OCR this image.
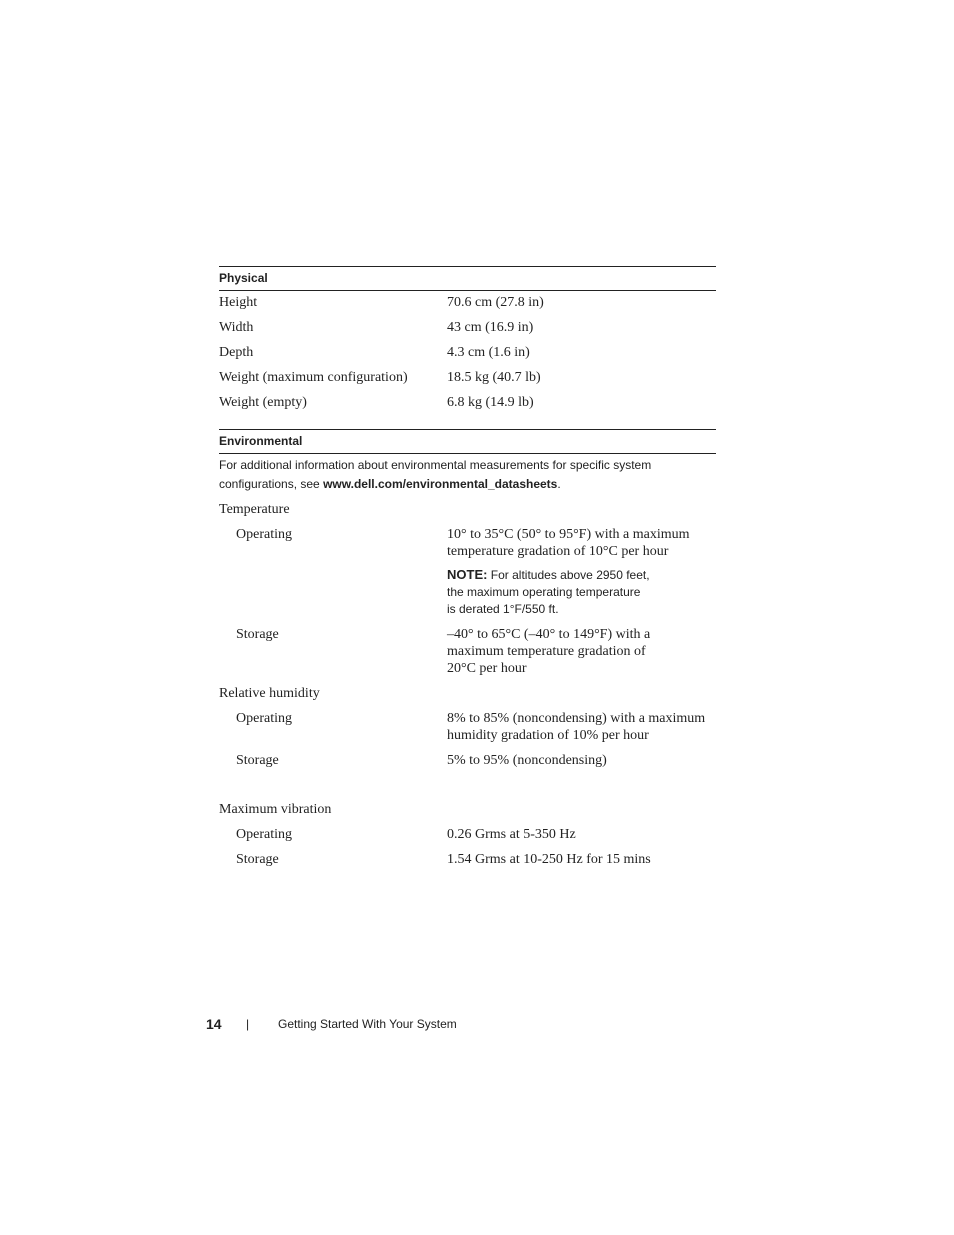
Physical
Height	70.6 cm (27.8 in)
Width	43 cm (16.9 in)
Depth	4.3 cm (1.6 in)
Weight (maximum configuration)	18.5 kg (40.7 lb)
Weight (empty)	6.8 kg (14.9 lb)
Environmental
For additional information about environmental measurements for specific system configurations, see www.dell.com/environmental_datasheets.
Temperature
Operating	10° to 35°C (50° to 95°F) with a maximum
temperature gradation of 10°C per hour
NOTE: For altitudes above 2950 feet,
the maximum operating temperature
is derated 1°F/550 ft.
Storage	–40° to 65°C (–40° to 149°F) with a
maximum temperature gradation of
20°C per hour
Relative humidity
Operating	8% to 85% (noncondensing) with a maximum
humidity gradation of 10% per hour
Storage	5% to 95% (noncondensing)
Maximum vibration
Operating	0.26 Grms at 5-350 Hz
Storage	1.54 Grms at 10-250 Hz for 15 mins
14 | Getting Started With Your System
